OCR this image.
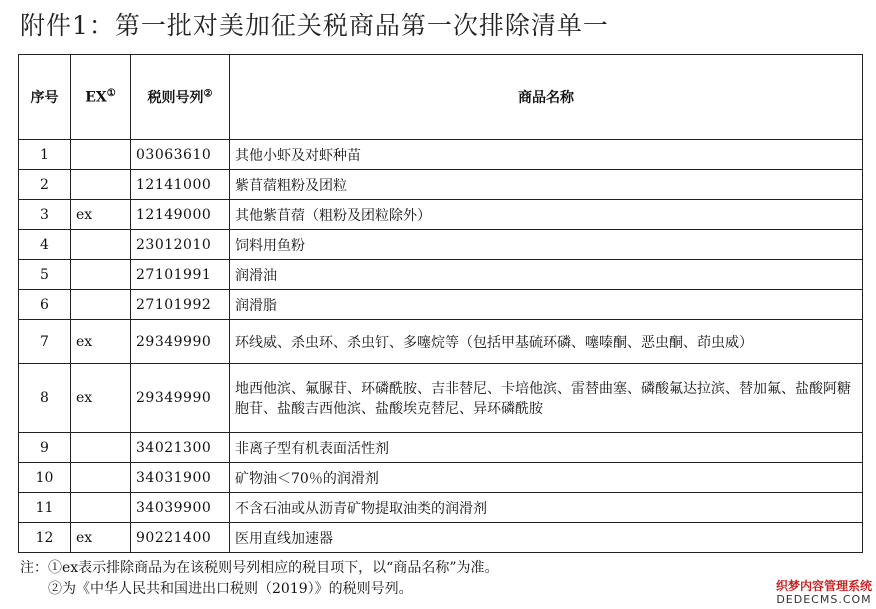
附件1：第一批对美加征关税商品第一次排除清单一
序号	EX①	税则号列②	商品名称
1		03063610	其他小虾及对虾种苗
2		12141000	紫苜蓿粗粉及团粒
3	ex	12149000	其他紫苜蓿（粗粉及团粒除外）
4		23012010	饲料用鱼粉
5		27101991	润滑油
6		27101992	润滑脂
7	ex	29349990	环线威、杀虫环、杀虫钉、多噻烷等（包括甲基硫环磷、噻嗪酮、恶虫酮、茚虫威）
8	ex	29349990	地西他滨、氟脲苷、环磷酰胺、吉非替尼、卡培他滨、雷替曲塞、磷酸氟达拉滨、替加氟、盐酸阿糖胞苷、盐酸吉西他滨、盐酸埃克替尼、异环磷酰胺
9		34021300	非离子型有机表面活性剂
10		34031900	矿物油＜70％的润滑剂
11		34039900	不含石油或从沥青矿物提取油类的润滑剂
12	ex	90221400	医用直线加速器
注：①ex表示排除商品为在该税则号列相应的税目项下，以“商品名称”为准。
②为《中华人民共和国进出口税则（2019）》的税则号列。	织梦内容管理系统
DEDECMS.COM
